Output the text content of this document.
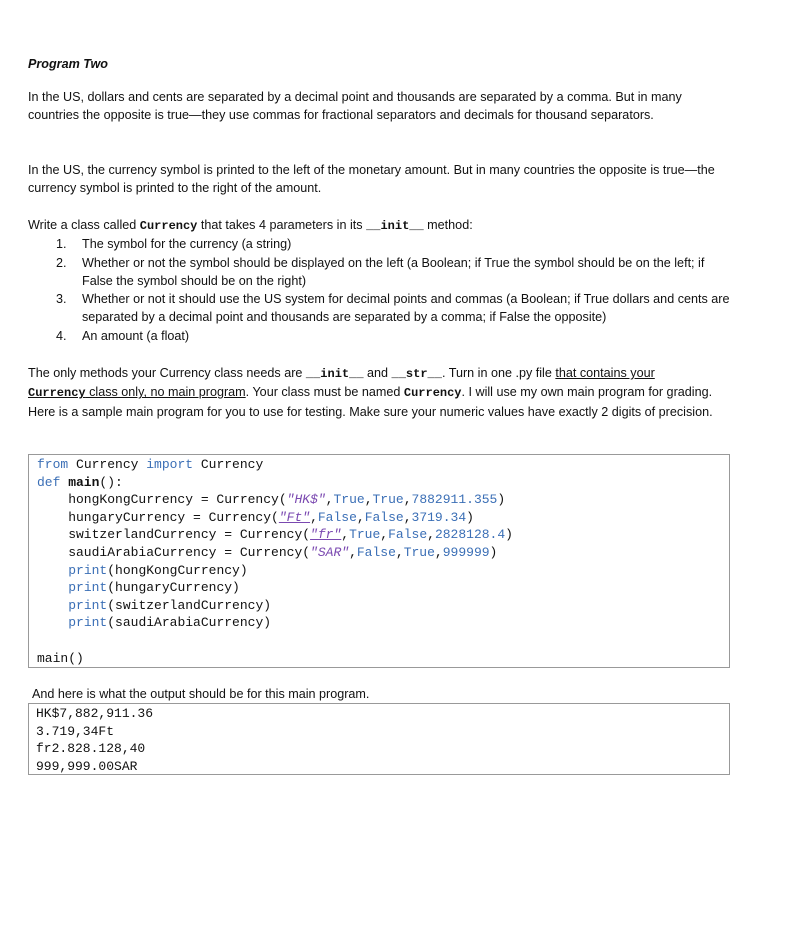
Program Two
In the US, dollars and cents are separated by a decimal point and thousands are separated by a comma. But in many countries the opposite is true—they use commas for fractional separators and decimals for thousand separators.
In the US, the currency symbol is printed to the left of the monetary amount. But in many countries the opposite is true—the currency symbol is printed to the right of the amount.
Write a class called Currency that takes 4 parameters in its __init__ method:
1. The symbol for the currency (a string)
2. Whether or not the symbol should be displayed on the left (a Boolean; if True the symbol should be on the left; if False the symbol should be on the right)
3. Whether or not it should use the US system for decimal points and commas (a Boolean; if True dollars and cents are separated by a decimal point and thousands are separated by a comma; if False the opposite)
4. An amount (a float)
The only methods your Currency class needs are __init__ and __str__. Turn in one .py file that contains your
Currency class only, no main program. Your class must be named Currency. I will use my own main program for grading. Here is a sample main program for you to use for testing. Make sure your numeric values have exactly 2 digits of precision.
from Currency import Currency
def main():
hongKongCurrency = Currency("HK$",True,True,7882911.355)
hungaryCurrency = Currency("Ft",False,False,3719.34)
switzerlandCurrency = Currency("fr",True,False,2828128.4)
saudiArabiaCurrency = Currency("SAR",False,True,999999)
print(hongKongCurrency)
print(hungaryCurrency)
print(switzerlandCurrency)
print(saudiArabiaCurrency)
main()
And here is what the output should be for this main program.
HK$7,882,911.36
3.719,34Ft
fr2.828.128,40
999,999.00SAR
